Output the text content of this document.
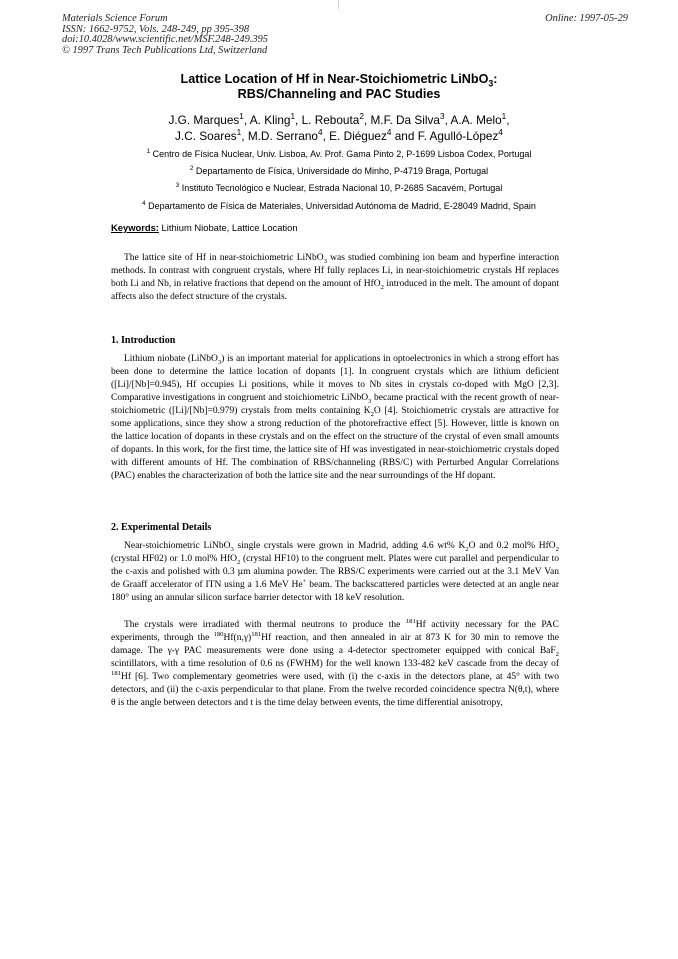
Materials Science Forum
ISSN: 1662-9752, Vols. 248-249, pp 395-398
doi:10.4028/www.scientific.net/MSF.248-249.395
© 1997 Trans Tech Publications Ltd, Switzerland
Online: 1997-05-29
Lattice Location of Hf in Near-Stoichiometric LiNbO$_3$:
RBS/Channeling and PAC Studies
J.G. Marques$^1$, A. Kling$^1$, L. Rebouta$^2$, M.F. Da Silva$^3$, A.A. Melo$^1$,
J.C. Soares$^1$, M.D. Serrano$^4$, E. Diéguez$^4$ and F. Agulló-López$^4$
$^1$ Centro de Física Nuclear, Univ. Lisboa, Av. Prof. Gama Pinto 2, P-1699 Lisboa Codex, Portugal
$^2$ Departamento de Física, Universidade do Minho, P-4719 Braga, Portugal
$^3$ Instituto Tecnológico e Nuclear, Estrada Nacional 10, P-2685 Sacavém, Portugal
$^4$ Departamento de Física de Materiales, Universidad Autónoma de Madrid, E-28049 Madrid, Spain
Keywords: Lithium Niobate, Lattice Location

The lattice site of Hf in near-stoichiometric LiNbO$_3$ was studied combining ion beam and hyperfine interaction methods. In contrast with congruent crystals, where Hf fully replaces Li, in near-stoichiometric crystals Hf replaces both Li and Nb, in relative fractions that depend on the amount of HfO$_2$ introduced in the melt. The amount of dopant affects also the defect structure of the crystals.

1. Introduction

Lithium niobate (LiNbO$_3$) is an important material for applications in optoelectronics in which a strong effort has been done to determine the lattice location of dopants [1]. In congruent crystals which are lithium deficient ([Li]/[Nb]=0.945), Hf occupies Li positions, while it moves to Nb sites in crystals co-doped with MgO [2,3]. Comparative investigations in congruent and stoichiometric LiNbO$_3$ became practical with the recent growth of near-stoichiometric ([Li]/[Nb]=0.979) crystals from melts containing $K_2O$ [4]. Stoichiometric crystals are attractive for some applications, since they show a strong reduction of the photorefractive effect [5]. However, little is known on the lattice location of dopants in these crystals and on the effect on the structure of the crystal of even small amounts of dopants. In this work, for the first time, the lattice site of Hf was investigated in near-stoichiometric crystals doped with different amounts of Hf. The combination of RBS/channeling (RBS/C) with Perturbed Angular Correlations (PAC) enables the characterization of both the lattice site and the near surroundings of the Hf dopant.

2. Experimental Details

Near-stoichiometric LiNbO$_3$ single crystals were grown in Madrid, adding 4.6 wt% $K_2O$ and 0.2 mol% HfO$_2$ (crystal HF02) or 1.0 mol% HfO$_2$ (crystal HF10) to the congruent melt. Plates were cut parallel and perpendicular to the c-axis and polished with 0.3 µm alumina powder. The RBS/C experiments were carried out at the 3.1 MeV Van de Graaff accelerator of ITN using a 1.6 MeV He+ beam. The backscattered particles were detected at an angle near 180° using an annular silicon surface barrier detector with 18 keV resolution.

The crystals were irradiated with thermal neutrons to produce the $^{181}$Hf activity necessary for the PAC experiments, through the $^{180}Hf(n,\gamma)^{181}Hf$ reaction, and then annealed in air at 873 K for 30 min to remove the damage. The γ-γ PAC measurements were done using a 4-detector spectrometer equipped with conical BaF$_2$ scintillators, with a time resolution of 0.6 ns (FWHM) for the well known 133-482 keV cascade from the decay of $^{181}$Hf [6]. Two complementary geometries were used, with (i) the c-axis in the detectors plane, at 45° with two detectors, and (ii) the c-axis perpendicular to that plane. From the twelve recorded coincidence spectra N(θ,t), where θ is the angle between detectors and t is the time delay between events, the time differential anisotropy,
